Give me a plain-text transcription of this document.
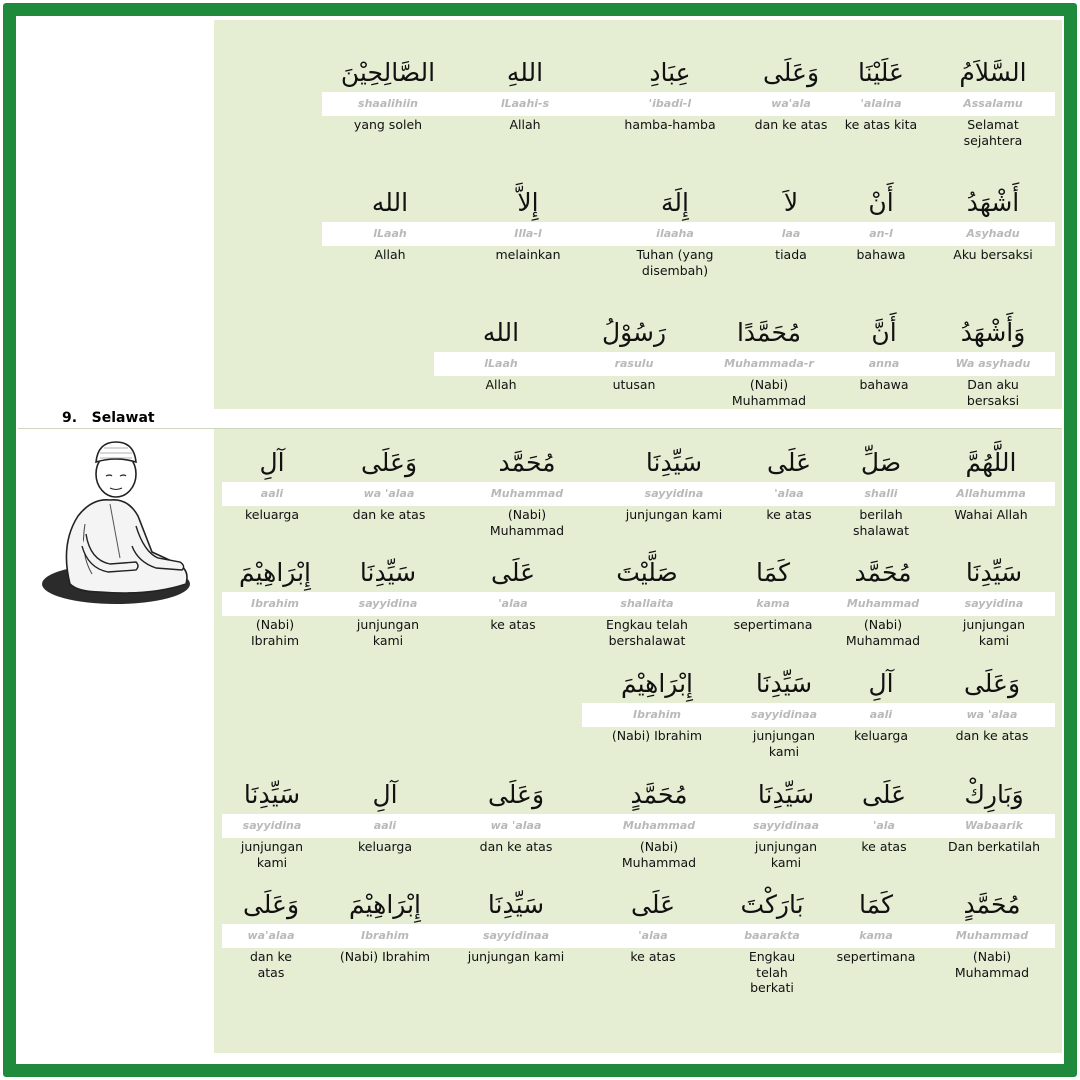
9.   Selawat
السَّلاَمُ
Assalamu
Selamat sejahtera
عَلَيْنَا
'alaina
ke atas kita
وَعَلَى
wa'ala
dan ke atas
عِبَادِ
'ibadi-l
hamba-hamba
اللهِ
lLaahi-s
Allah
الصَّالِحِيْنَ
shaalihiin
yang soleh
أَشْهَدُ
Asyhadu
Aku bersaksi
أَنْ
an-l
bahawa
لاَ
laa
tiada
إِلَهَ
ilaaha
Tuhan (yang disembah)
إِلاَّ
Illa-l
melainkan
الله
lLaah
Allah
وَأَشْهَدُ
Wa asyhadu
Dan aku bersaksi
أَنَّ
anna
bahawa
مُحَمَّدًا
Muhammada-r
(Nabi) Muhammad
رَسُوْلُ
rasulu
utusan
الله
lLaah
Allah
اللَّهُمَّ
Allahumma
Wahai Allah
صَلِّ
shalli
berilah shalawat
عَلَى
'alaa
ke atas
سَيِّدِنَا
sayyidina
junjungan kami
مُحَمَّد
Muhammad
(Nabi) Muhammad
وَعَلَى
wa 'alaa
dan ke atas
آلِ
aali
keluarga
سَيِّدِنَا
sayyidina
junjungan kami
مُحَمَّد
Muhammad
(Nabi) Muhammad
كَمَا
kama
sepertimana
صَلَّيْتَ
shallaita
Engkau telah bershalawat
عَلَى
'alaa
ke atas
سَيِّدِنَا
sayyidina
junjungan kami
إِبْرَاهِيْمَ
Ibrahim
(Nabi) Ibrahim
وَعَلَى
wa 'alaa
dan ke atas
آلِ
aali
keluarga
سَيِّدِنَا
sayyidinaa
junjungan kami
إِبْرَاهِيْمَ
Ibrahim
(Nabi) Ibrahim
وَبَارِكْ
Wabaarik
Dan berkatilah
عَلَى
'ala
ke atas
سَيِّدِنَا
sayyidinaa
junjungan kami
مُحَمَّدٍ
Muhammad
(Nabi) Muhammad
وَعَلَى
wa 'alaa
dan ke atas
آلِ
aali
keluarga
سَيِّدِنَا
sayyidina
junjungan kami
مُحَمَّدٍ
Muhammad
(Nabi) Muhammad
كَمَا
kama
sepertimana
بَارَكْتَ
baarakta
Engkau telah berkati
عَلَى
'alaa
ke atas
سَيِّدِنَا
sayyidinaa
junjungan kami
إِبْرَاهِيْمَ
Ibrahim
(Nabi) Ibrahim
وَعَلَى
wa'alaa
dan ke atas
